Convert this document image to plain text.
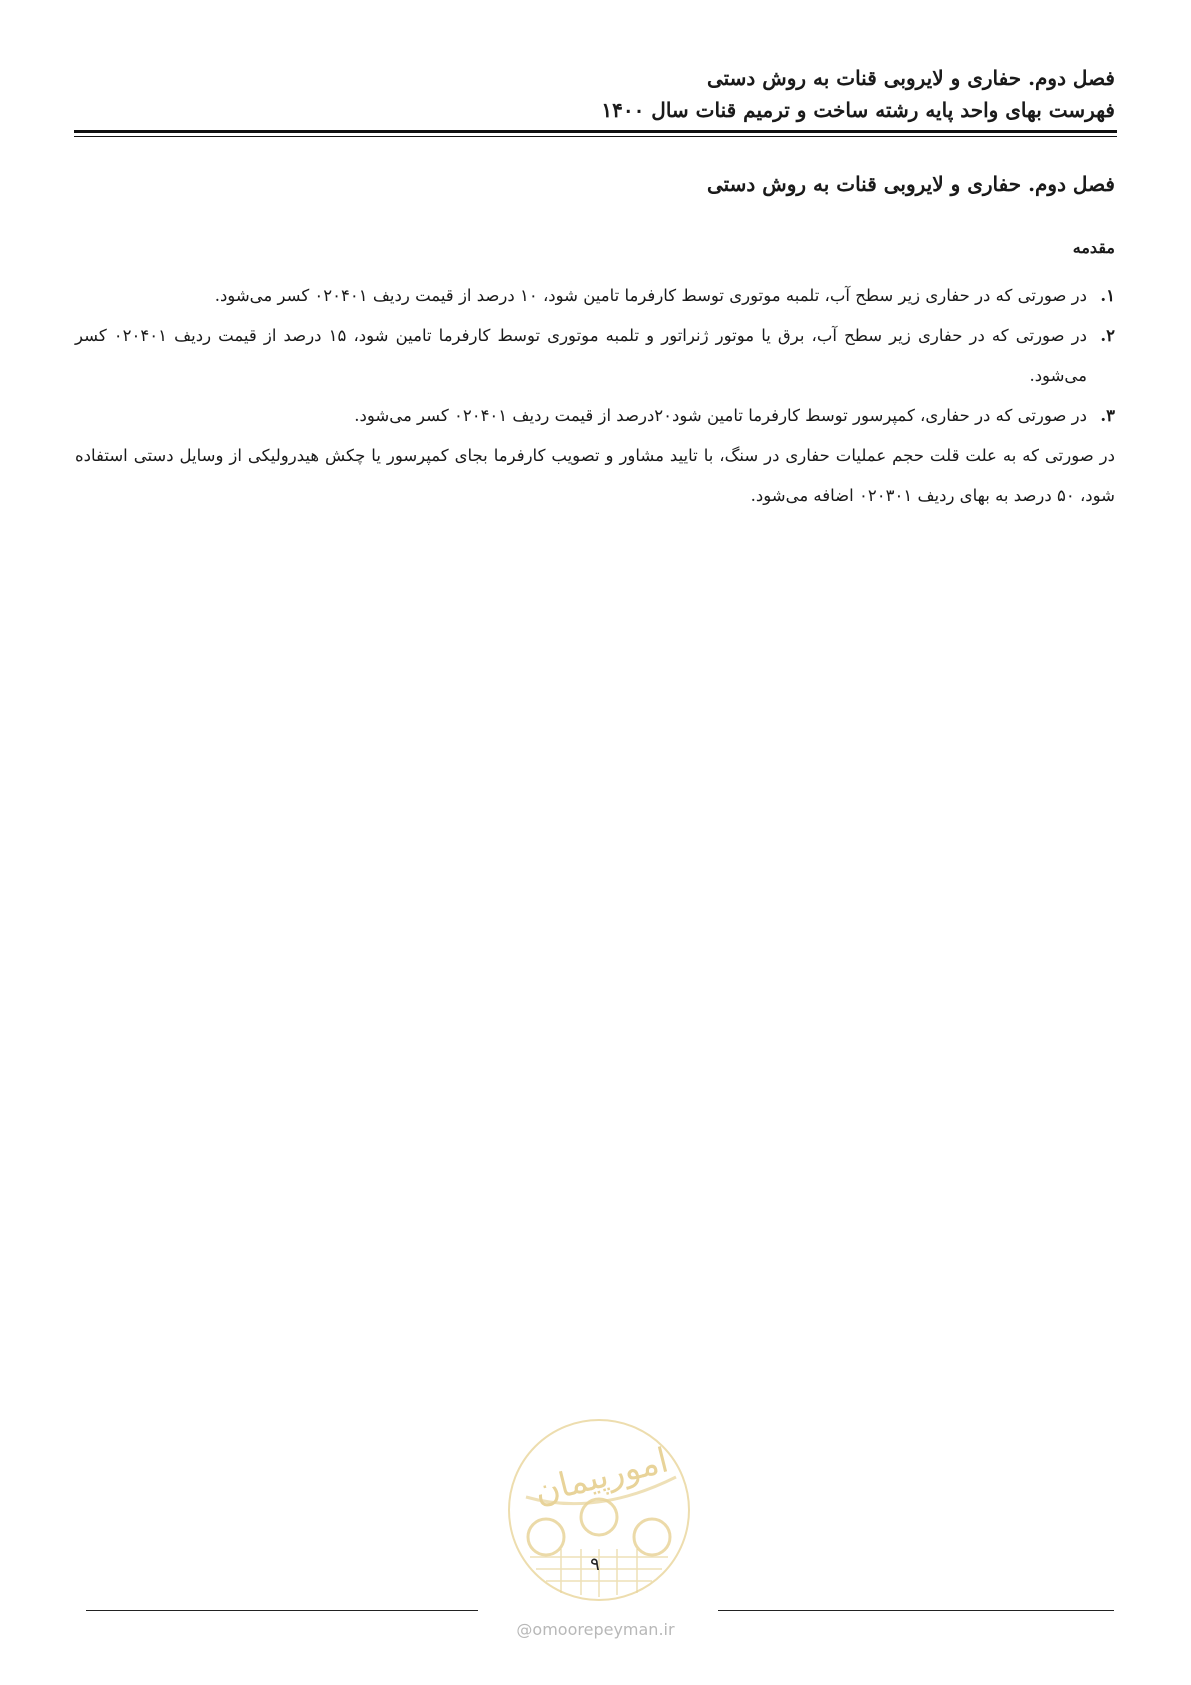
فصل دوم. حفاری و لایروبی قنات به روش دستی
فهرست بهای واحد پایه رشته ساخت و ترمیم قنات سال ۱۴۰۰
فصل دوم. حفاری و لایروبی قنات به روش دستی
مقدمه
۱.
در صورتی که در حفاری زیر سطح آب، تلمبه موتوری توسط کارفرما تامین شود، ۱۰ درصد از قیمت ردیف ۰۲۰۴۰۱ کسر می‌شود.
۲.
در صورتی که در حفاری زیر سطح آب، برق یا موتور ژنراتور و تلمبه موتوری توسط کارفرما تامین شود، ۱۵ درصد از قیمت ردیف ۰۲۰۴۰۱ کسر می‌شود.
۳.
در صورتی که در حفاری، کمپرسور توسط کارفرما تامین شود۲۰درصد از قیمت ردیف ۰۲۰۴۰۱ کسر می‌شود.
در صورتی که به علت قلت حجم عملیات حفاری در سنگ، با تایید مشاور و تصویب کارفرما بجای کمپرسور یا چکش هیدرولیکی از وسایل دستی استفاده شود، ۵۰ درصد به بهای ردیف ۰۲۰۳۰۱ اضافه می‌شود.
امورپیمان
۹
@omoorepeyman.ir
